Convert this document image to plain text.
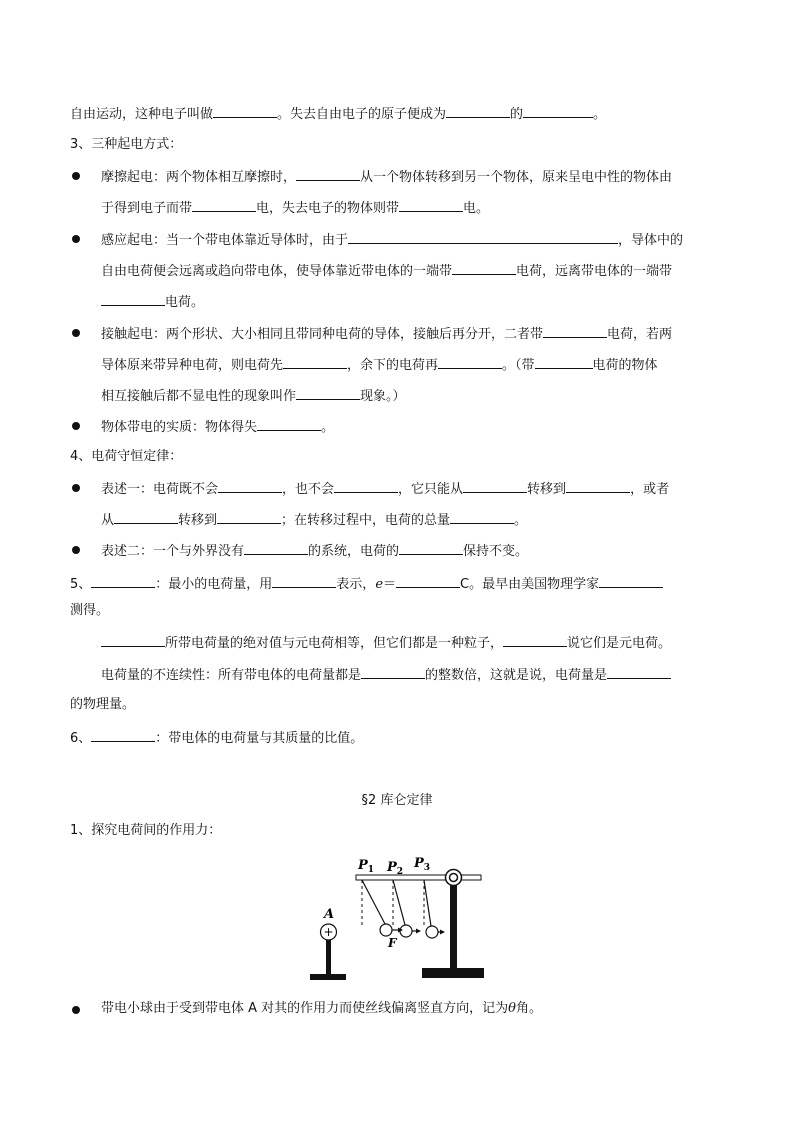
自由运动，这种电子叫做	。失去自由电子的原子便成为	的	。
3、三种起电方式：
摩擦起电：两个物体相互摩擦时，	从一个物体转移到另一个物体，原来呈电中性的物体由
于得到电子而带	电，失去电子的物体则带	电。
感应起电：当一个带电体靠近导体时，由于	，导体中的
自由电荷便会远离或趋向带电体，使导体靠近带电体的一端带	电荷，远离带电体的一端带
电荷。
接触起电：两个形状、大小相同且带同种电荷的导体，接触后再分开，二者带	电荷，若两
导体原来带异种电荷，则电荷先	，余下的电荷再	。（带	电荷的物体
相互接触后都不显电性的现象叫作	现象。）
物体带电的实质：物体得失	。
4、电荷守恒定律：
表述一：电荷既不会	，也不会	，它只能从	转移到	，或者
从	转移到	；在转移过程中，电荷的总量	。
表述二：一个与外界没有	的系统，电荷的	保持不变。
5、	：最小的电荷量，用	表示，e＝	C。最早由美国物理学家
测得。
所带电荷量的绝对值与元电荷相等，但它们都是一种粒子，	说它们是元电荷。
电荷量的不连续性：所有带电体的电荷量都是	的整数倍，这就是说，电荷量是
的物理量。
6、	：带电体的电荷量与其质量的比值。
§2 库仑定律
1、探究电荷间的作用力：
+
A
F
$P_1$ $P_2$
$P_3$
带电小球由于受到带电体 A 对其的作用力而使丝线偏离竖直方向，记为θ角。
